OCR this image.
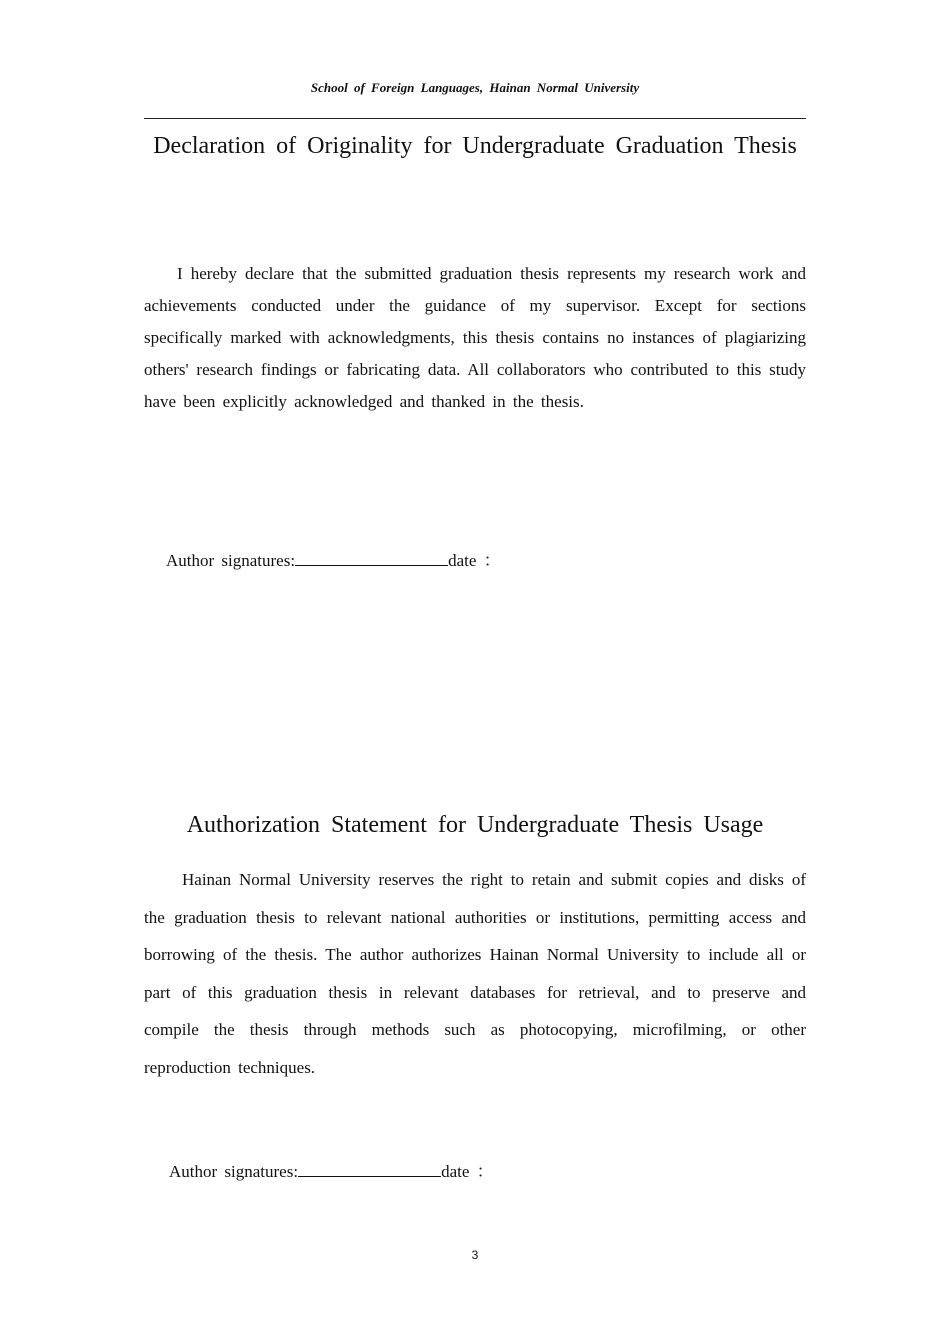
School of Foreign Languages, Hainan Normal University
Declaration of Originality for Undergraduate Graduation Thesis

I hereby declare that the submitted graduation thesis represents my research work and achievements conducted under the guidance of my supervisor. Except for sections specifically marked with acknowledgments, this thesis contains no instances of plagiarizing others' research findings or fabricating data. All collaborators who contributed to this study have been explicitly acknowledged and thanked in the thesis.

Author signatures:	date ：
Authorization Statement for Undergraduate Thesis Usage

Hainan Normal University reserves the right to retain and submit copies and disks of the graduation thesis to relevant national authorities or institutions, permitting access and borrowing of the thesis. The author authorizes Hainan Normal University to include all or part of this graduation thesis in relevant databases for retrieval, and to preserve and compile the thesis through methods such as photocopying, microfilming, or other reproduction techniques.

Author signatures:	date ：
3
